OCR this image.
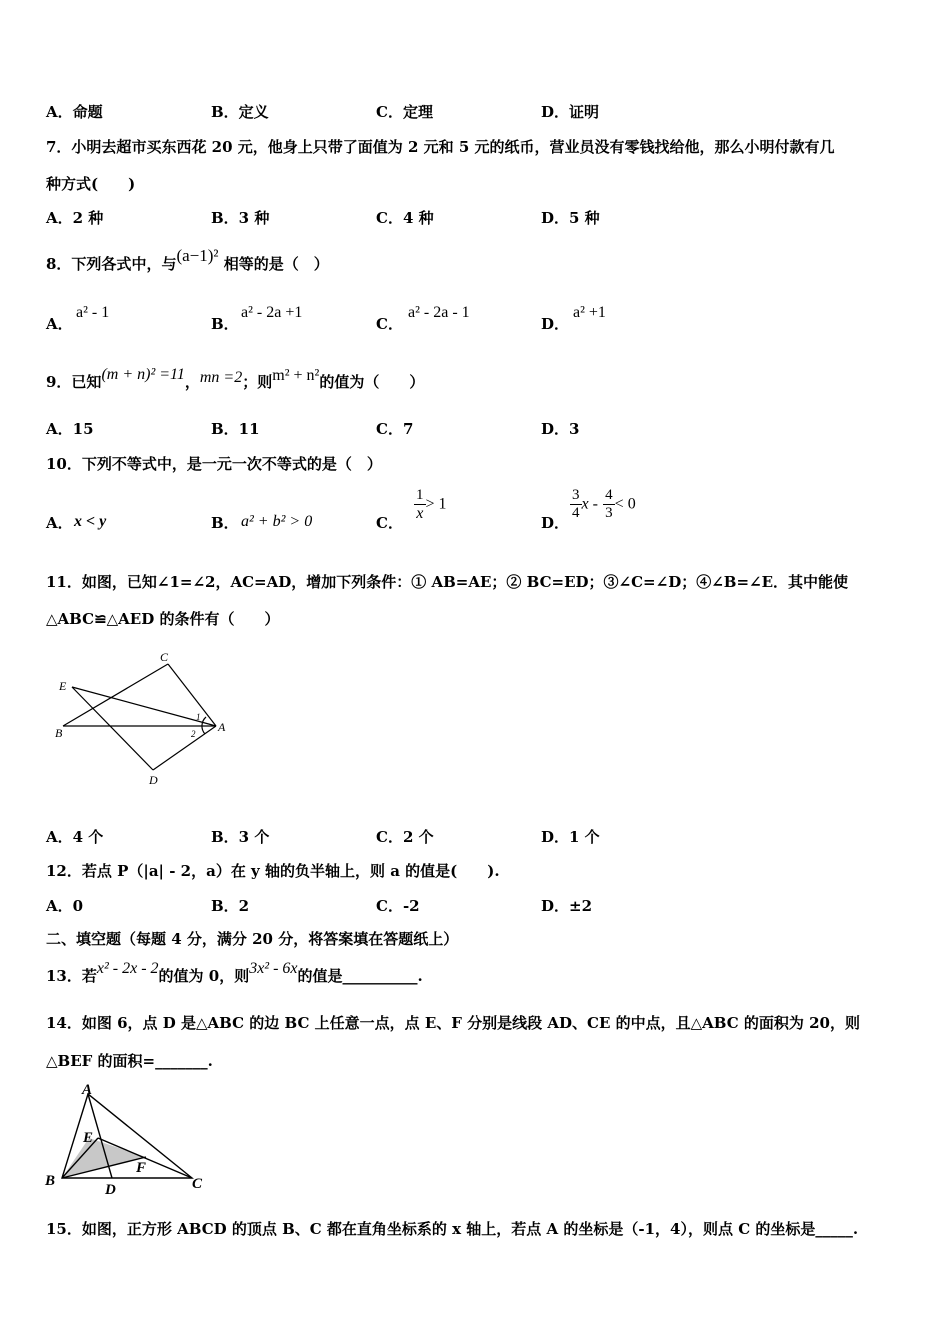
A．命题	B．定义	C．定理	D．证明
7．小明去超市买东西花 20 元，他身上只带了面值为 2 元和 5 元的纸币，营业员没有零钱找给他，那么小明付款有几
种方式(　　)
A．2 种	B．3 种	C．4 种	D．5 种
8．下列各式中，与(a−1)² 相等的是（　）
A．
a² - 1
B．
a² - 2a +1
C．
a² - 2a - 1
D．
a² +1
9．已知(m + n)² =11，mn =2；则m² + n²的值为（　　）
A．15	B．11	C．7	D．3
10．下列不等式中，是一元一次不等式的是（　）
A． x < y	B． a² + b² > 0	C．
$\frac{1}{x} > 1$
D．
$\frac{3}{4}$ $x - \frac{4}{3} < 0$
11．如图，已知∠1=∠2，AC=AD，增加下列条件：① AB=AE；② BC=ED；③∠C=∠D；④∠B=∠E．其中能使
△ABC≌△AED 的条件有（　　）
C
E
B	A
D
1
2
A．4 个	B．3 个	C．2 个	D．1 个
12．若点 P（|a| - 2，a）在 y 轴的负半轴上，则 a 的值是(　　).
A．0	B．2	C．-2	D．±2
二、填空题（每题 4 分，满分 20 分，将答案填在答题纸上）
13．若x² - 2x - 2的值为 0，则3x² - 6x的值是__________.
14．如图 6，点 D 是△ABC 的边 BC 上任意一点，点 E、F 分别是线段 AD、CE 的中点，且△ABC 的面积为 20，则
△BEF 的面积=_______.
A
E
F
B
D	C
15．如图，正方形 ABCD 的顶点 B、C 都在直角坐标系的 x 轴上，若点 A 的坐标是（-1，4），则点 C 的坐标是_____.
